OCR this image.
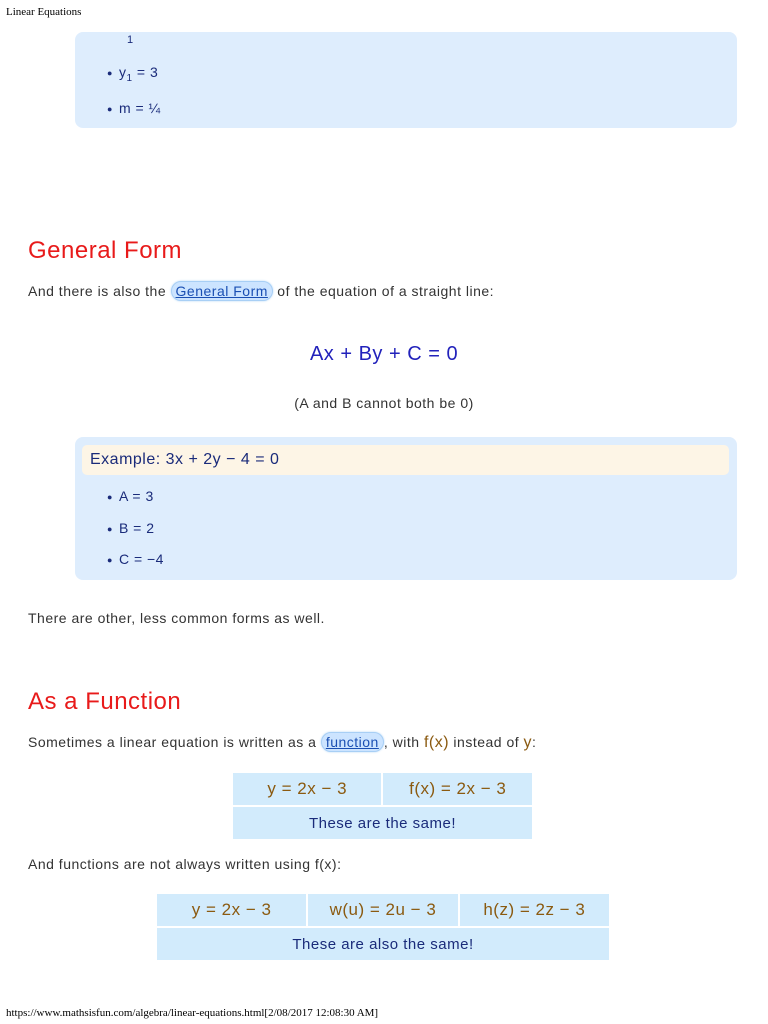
Linear Equations
1
● $y_1 = 3$
● m = ¼
General Form

And there is also the General Form of the equation of a straight line:

Ax + By + C = 0
(A and B cannot both be 0)
Example: 3x + 2y − 4 = 0
● A = 3
● B = 2
● C = −4

There are other, less common forms as well.

As a Function

Sometimes a linear equation is written as a function , with f(x) instead of y:

y = 2x − 3	f(x) = 2x − 3
These are the same!

And functions are not always written using f(x):

y = 2x − 3	w(u) = 2u − 3	h(z) = 2z − 3
These are also the same!
https://www.mathsisfun.com/algebra/linear-equations.html[2/08/2017 12:08:30 AM]
